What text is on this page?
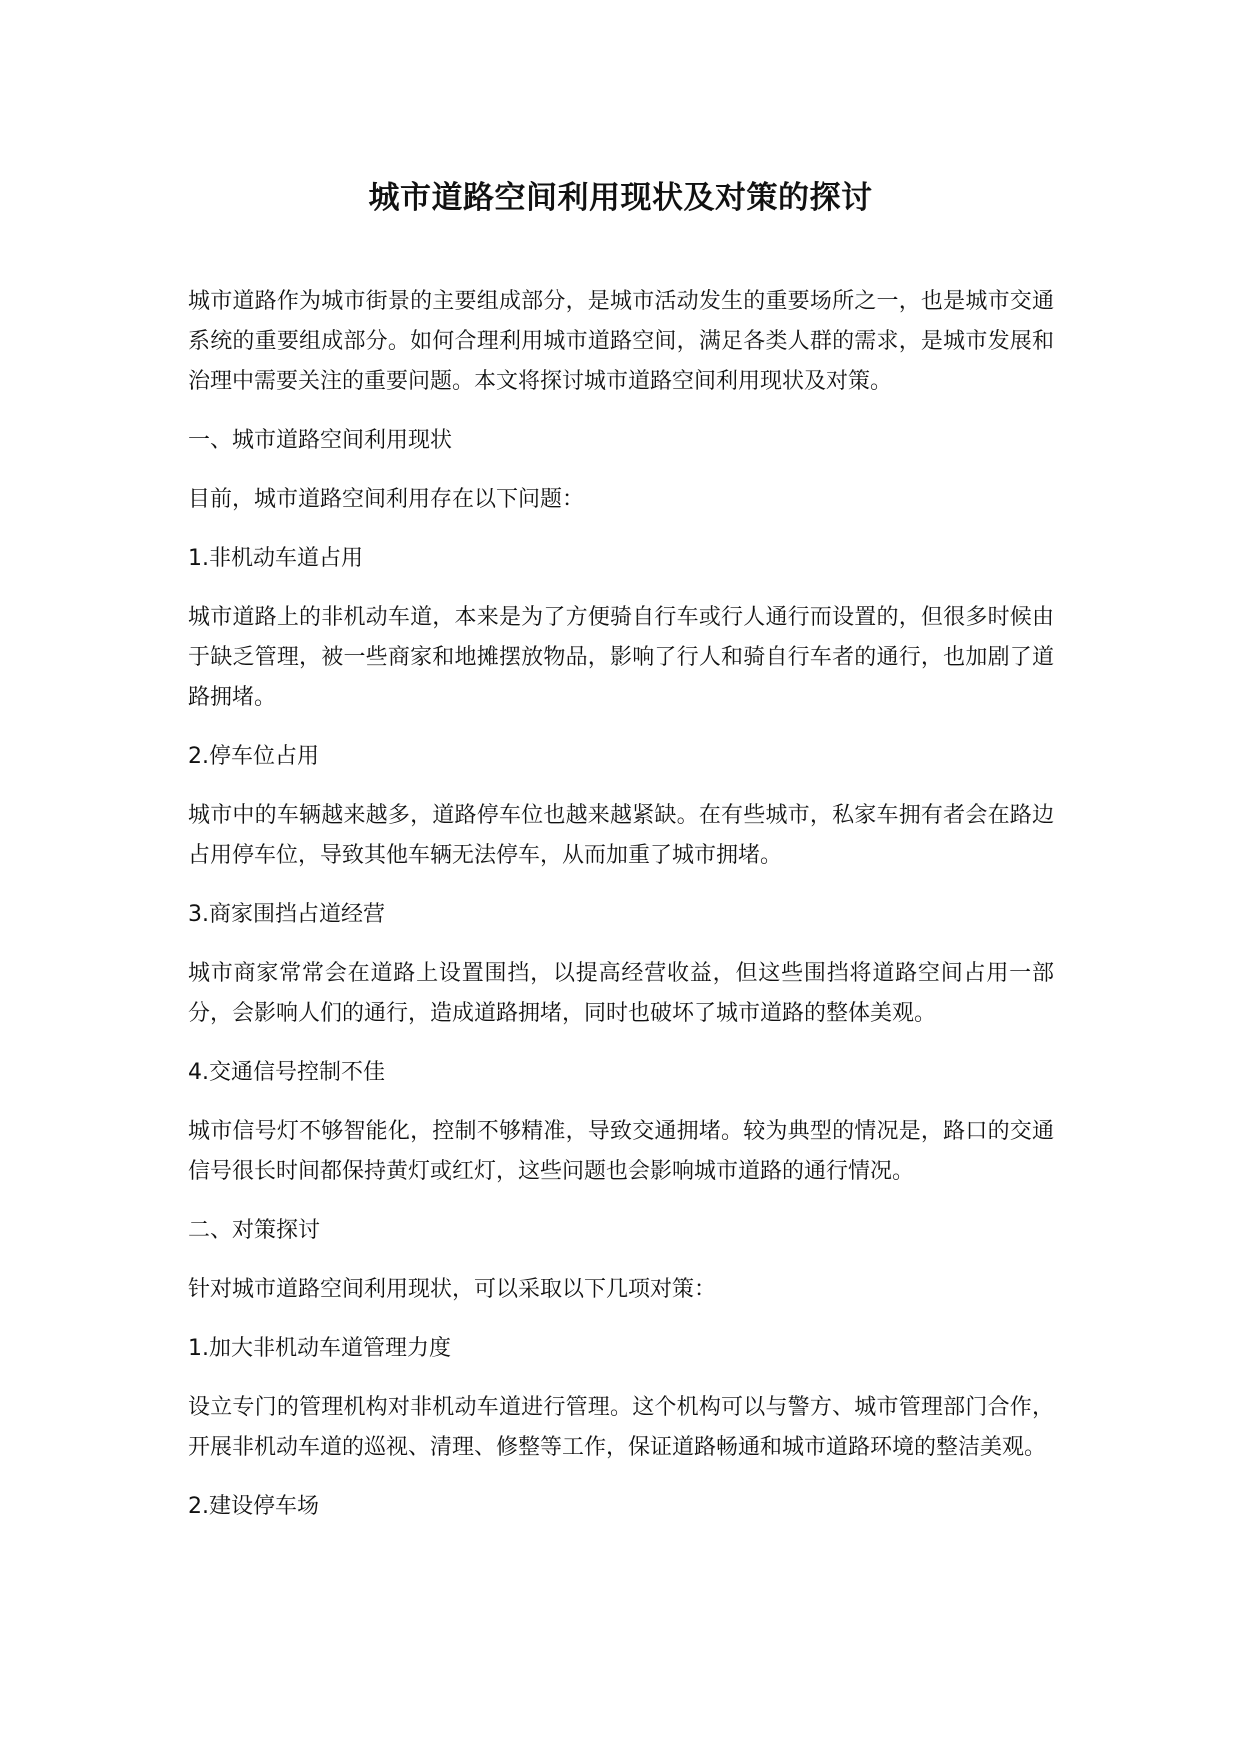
城市道路空间利用现状及对策的探讨

城市道路作为城市街景的主要组成部分，是城市活动发生的重要场所之一，也是城市交通系统的重要组成部分。如何合理利用城市道路空间，满足各类人群的需求，是城市发展和治理中需要关注的重要问题。本文将探讨城市道路空间利用现状及对策。

一、城市道路空间利用现状

目前，城市道路空间利用存在以下问题：

1.非机动车道占用

城市道路上的非机动车道，本来是为了方便骑自行车或行人通行而设置的，但很多时候由于缺乏管理，被一些商家和地摊摆放物品，影响了行人和骑自行车者的通行，也加剧了道路拥堵。

2.停车位占用

城市中的车辆越来越多，道路停车位也越来越紧缺。在有些城市，私家车拥有者会在路边占用停车位，导致其他车辆无法停车，从而加重了城市拥堵。

3.商家围挡占道经营

城市商家常常会在道路上设置围挡，以提高经营收益，但这些围挡将道路空间占用一部分，会影响人们的通行，造成道路拥堵，同时也破坏了城市道路的整体美观。

4.交通信号控制不佳

城市信号灯不够智能化，控制不够精准，导致交通拥堵。较为典型的情况是，路口的交通信号很长时间都保持黄灯或红灯，这些问题也会影响城市道路的通行情况。

二、对策探讨

针对城市道路空间利用现状，可以采取以下几项对策：

1.加大非机动车道管理力度

设立专门的管理机构对非机动车道进行管理。这个机构可以与警方、城市管理部门合作，开展非机动车道的巡视、清理、修整等工作，保证道路畅通和城市道路环境的整洁美观。

2.建设停车场
